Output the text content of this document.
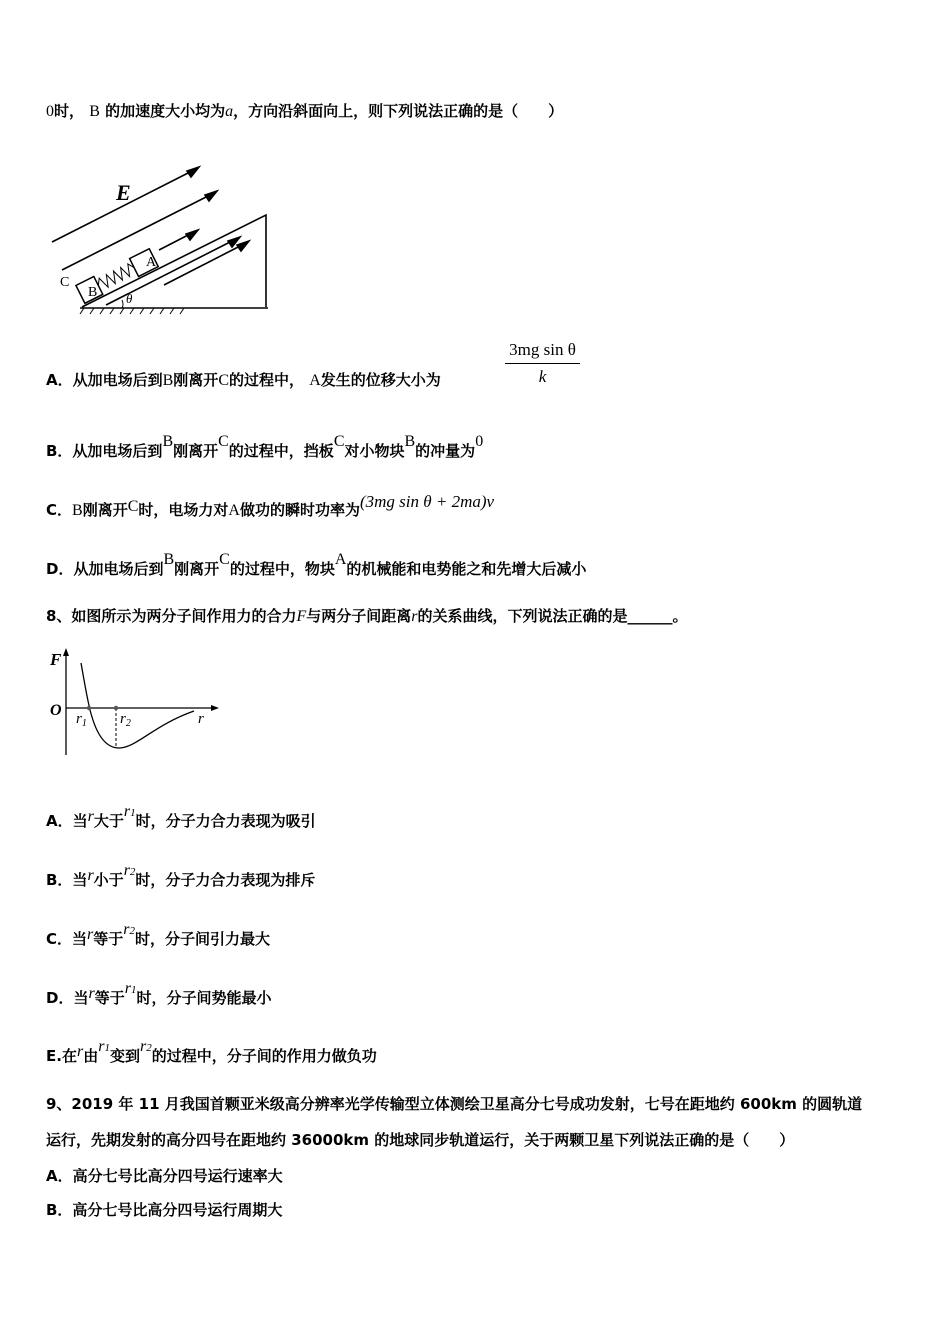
0时， B 的加速度大小均为a，方向沿斜面向上，则下列说法正确的是（　　）
E
B
A
C
θ
A．从加电场后到B刚离开C的过程中， A发生的位移大小为	$\frac{\text{3mg sin θ}}{k}$
B．从加电场后到B刚离开C的过程中，挡板C对小物块B的冲量为0
C．B刚离开C时，电场力对A做功的瞬时功率为(3mg sin θ + 2ma)v
D．从加电场后到B刚离开C的过程中，物块A的机械能和电势能之和先增大后减小
8、如图所示为两分子间作用力的合力F与两分子间距离r的关系曲线，下列说法正确的是______。
F
O $r_1$ $r_2$	r
A．当r大于r1时，分子力合力表现为吸引
B．当r小于r2时，分子力合力表现为排斥
C．当r等于r2时，分子间引力最大
D．当r等于r1时，分子间势能最小
E.在r由r1变到r2的过程中，分子间的作用力做负功
9、2019 年 11 月我国首颗亚米级高分辨率光学传输型立体测绘卫星高分七号成功发射，七号在距地约 600km 的圆轨道
运行，先期发射的高分四号在距地约 36000km 的地球同步轨道运行，关于两颗卫星下列说法正确的是（　　）
A．高分七号比高分四号运行速率大
B．高分七号比高分四号运行周期大
